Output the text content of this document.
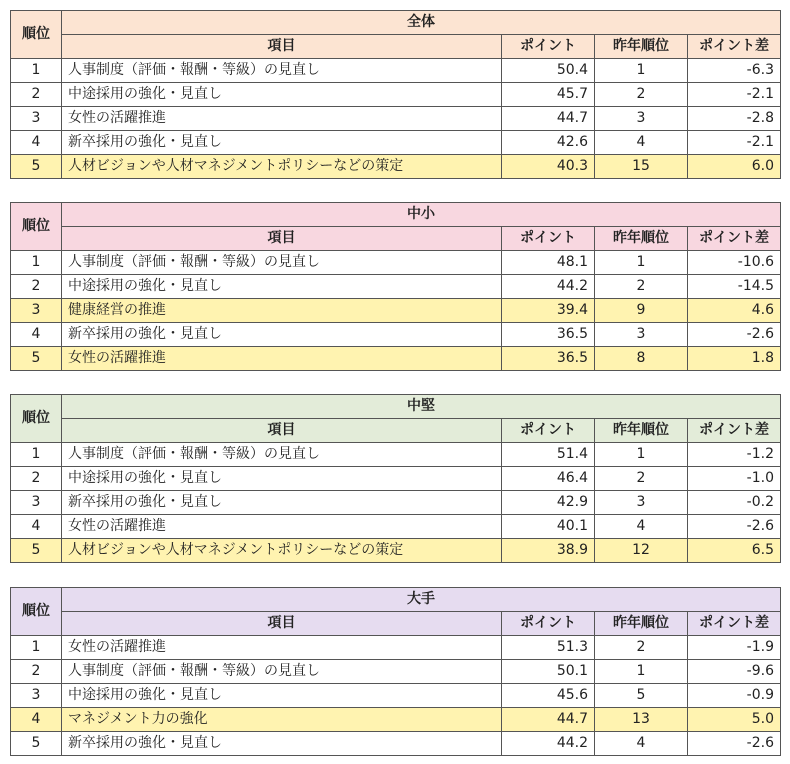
順位	全体			
	項目	ポイント	昨年順位	ポイント差
1	人事制度（評価・報酬・等級）の見直し	50.4	1	-6.3
2	中途採用の強化・見直し	45.7	2	-2.1
3	女性の活躍推進	44.7	3	-2.8
4	新卒採用の強化・見直し	42.6	4	-2.1
5	人材ビジョンや人材マネジメントポリシーなどの策定	40.3	15	6.0
順位	中小			
	項目	ポイント	昨年順位	ポイント差
1	人事制度（評価・報酬・等級）の見直し	48.1	1	-10.6
2	中途採用の強化・見直し	44.2	2	-14.5
3	健康経営の推進	39.4	9	4.6
4	新卒採用の強化・見直し	36.5	3	-2.6
5	女性の活躍推進	36.5	8	1.8
順位	中堅			
	項目	ポイント	昨年順位	ポイント差
1	人事制度（評価・報酬・等級）の見直し	51.4	1	-1.2
2	中途採用の強化・見直し	46.4	2	-1.0
3	新卒採用の強化・見直し	42.9	3	-0.2
4	女性の活躍推進	40.1	4	-2.6
5	人材ビジョンや人材マネジメントポリシーなどの策定	38.9	12	6.5
順位	大手			
	項目	ポイント	昨年順位	ポイント差
1	女性の活躍推進	51.3	2	-1.9
2	人事制度（評価・報酬・等級）の見直し	50.1	1	-9.6
3	中途採用の強化・見直し	45.6	5	-0.9
4	マネジメント力の強化	44.7	13	5.0
5	新卒採用の強化・見直し	44.2	4	-2.6
